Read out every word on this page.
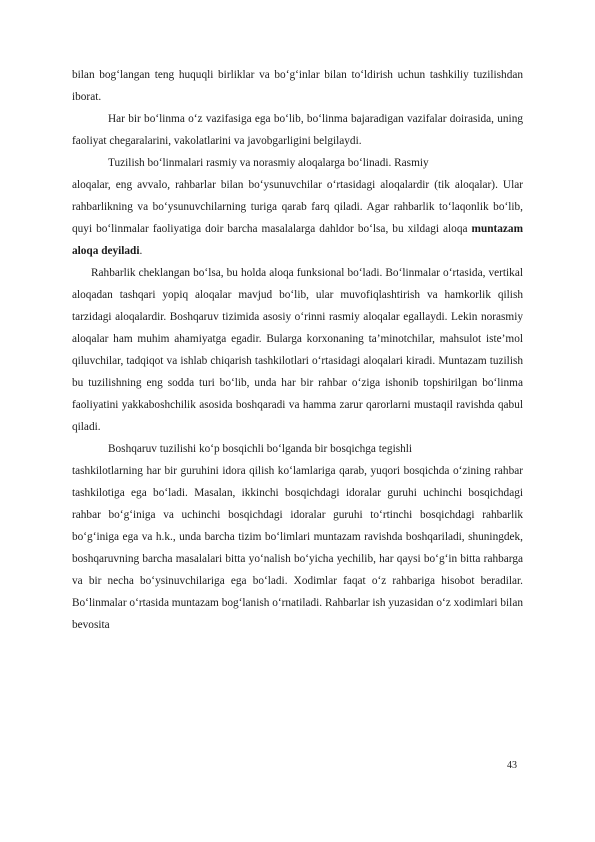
bilan bog‘langan teng huquqli birliklar va bo‘g‘inlar bilan to‘ldirish uchun tashkiliy tuzilishdan iborat.

Har bir bo‘linma o‘z vazifasiga ega bo‘lib, bo‘linma bajaradigan vazifalar doirasida, uning faoliyat chegaralarini, vakolatlarini va javobgarligini belgilaydi.

Tuzilish bo‘linmalari rasmiy va norasmiy aloqalarga bo‘linadi. Rasmiy

aloqalar, eng avvalo, rahbarlar bilan bo‘ysunuvchilar o‘rtasidagi aloqalardir (tik aloqalar). Ular rahbarlikning va bo‘ysunuvchilarning turiga qarab farq qiladi. Agar rahbarlik to‘laqonlik bo‘lib, quyi bo‘linmalar faoliyatiga doir barcha masalalarga dahldor bo‘lsa, bu xildagi aloqa muntazam aloqa deyiladi.

Rahbarlik cheklangan bo‘lsa, bu holda aloqa funksional bo‘ladi. Bo‘linmalar o‘rtasida, vertikal aloqadan tashqari yopiq aloqalar mavjud bo‘lib, ular muvofiqlashtirish va hamkorlik qilish tarzidagi aloqalardir. Boshqaruv tizimida asosiy o‘rinni rasmiy aloqalar egallaydi. Lekin norasmiy aloqalar ham muhim ahamiyatga egadir. Bularga korxonaning ta’minotchilar, mahsulot iste’mol qiluvchilar, tadqiqot va ishlab chiqarish tashkilotlari o‘rtasidagi aloqalari kiradi. Muntazam tuzilish bu tuzilishning eng sodda turi bo‘lib, unda har bir rahbar o‘ziga ishonib topshirilgan bo‘linma faoliyatini yakkaboshchilik asosida boshqaradi va hamma zarur qarorlarni mustaqil ravishda qabul qiladi.

Boshqaruv tuzilishi ko‘p bosqichli bo‘lganda bir bosqichga tegishli

tashkilotlarning har bir guruhini idora qilish ko‘lamlariga qarab, yuqori bosqichda o‘zining rahbar tashkilotiga ega bo‘ladi. Masalan, ikkinchi bosqichdagi idoralar guruhi uchinchi bosqichdagi rahbar bo‘g‘iniga va uchinchi bosqichdagi idoralar guruhi to‘rtinchi bosqichdagi rahbarlik bo‘g‘iniga ega va h.k., unda barcha tizim bo‘limlari muntazam ravishda boshqariladi, shuningdek, boshqaruvning barcha masalalari bitta yo‘nalish bo‘yicha yechilib, har qaysi bo‘g‘in bitta rahbarga va bir necha bo‘ysinuvchilariga ega bo‘ladi. Xodimlar faqat o‘z rahbariga hisobot beradilar. Bo‘linmalar o‘rtasida muntazam bog‘lanish o‘rnatiladi. Rahbarlar ish yuzasidan o‘z xodimlari bilan bevosita

43
